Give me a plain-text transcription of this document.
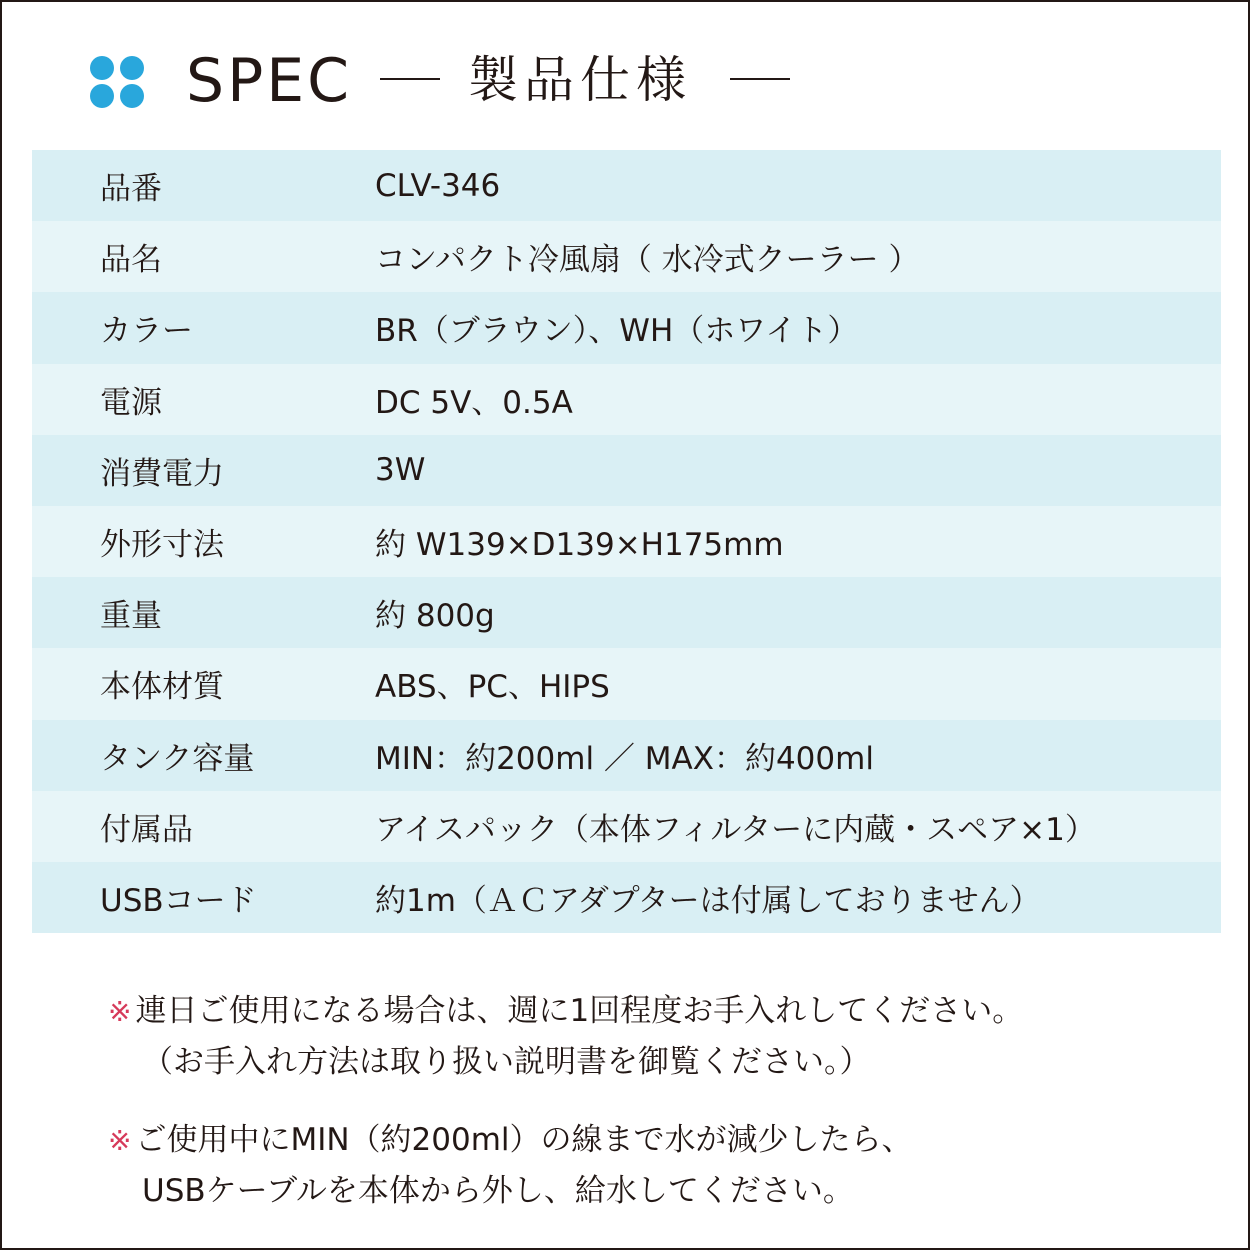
SPEC 製品仕様
品番	CLV-346
品名	コンパクト冷風扇（ 水冷式クーラー ）
カラー	BR（ブラウン）、WH（ホワイト）
電源	DC 5V、0.5A
消費電力	3W
外形寸法	約 W139×D139×H175mm
重量	約 800g
本体材質	ABS、PC、HIPS
タンク容量	MIN：約200ml ／ MAX：約400ml
付属品	アイスパック（本体フィルターに内蔵・スペア×1）
USBコード	約1m（ＡＣアダプターは付属しておりません）
※ 連日ご使用になる場合は、週に1回程度お手入れしてください。
（お手入れ方法は取り扱い説明書を御覧ください。）
※ ご使用中にMIN（約200ml）の線まで水が減少したら、
USBケーブルを本体から外し、給水してください。
